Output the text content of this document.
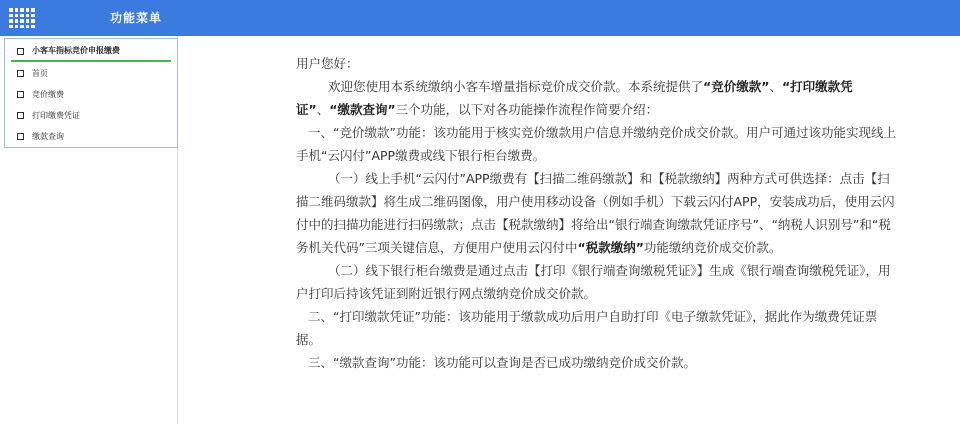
功能菜单
小客车指标竞价申报缴费
首页
竞价缴费
打印缴费凭证
缴款查询

用户您好：

欢迎您使用本系统缴纳小客车增量指标竞价成交价款。本系统提供了“竞价缴款”、“打印缴款凭证”、“缴款查询”三个功能，以下对各功能操作流程作简要介绍：

一、“竞价缴款”功能：该功能用于核实竞价缴款用户信息并缴纳竞价成交价款。用户可通过该功能实现线上手机“云闪付”APP缴费或线下银行柜台缴费。

（一）线上手机“云闪付”APP缴费有【扫描二维码缴款】和【税款缴纳】两种方式可供选择：点击【扫描二维码缴款】将生成二维码图像，用户使用移动设备（例如手机）下载云闪付APP，安装成功后，使用云闪付中的扫描功能进行扫码缴款；点击【税款缴纳】将给出“银行端查询缴款凭证序号”、“纳税人识别号”和“税务机关代码”三项关键信息，方便用户使用云闪付中“税款缴纳”功能缴纳竞价成交价款。

（二）线下银行柜台缴费是通过点击【打印《银行端查询缴税凭证》】生成《银行端查询缴税凭证》，用户打印后持该凭证到附近银行网点缴纳竞价成交价款。

二、“打印缴款凭证”功能：该功能用于缴款成功后用户自助打印《电子缴款凭证》，据此作为缴费凭证票据。

三、“缴款查询”功能：该功能可以查询是否已成功缴纳竞价成交价款。
